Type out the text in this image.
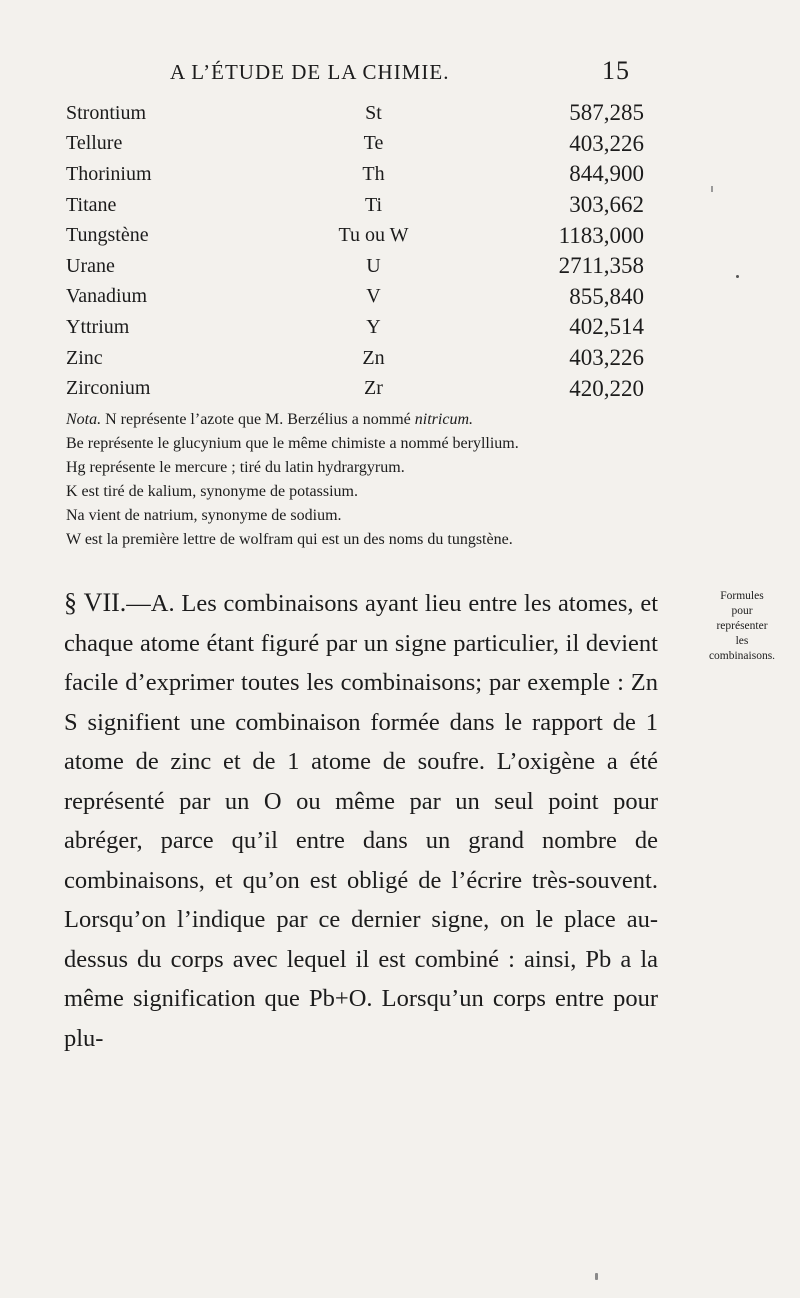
A L’ÉTUDE DE LA CHIMIE.	15
Strontium	St	587,285
Tellure	Te	403,226
Thorinium	Th	844,900
Titane	Ti	303,662
Tungstène	Tu ou W	1183,000
Urane	U	2711,358
Vanadium	V	855,840
Yttrium	Y	402,514
Zinc	Zn	403,226
Zirconium	Zr	420,220

Nota. N représente l’azote que M. Berzélius a nommé nitricum.

Be représente le glucynium que le même chimiste a nommé beryllium.

Hg représente le mercure ; tiré du latin hydrargyrum.

K est tiré de kalium, synonyme de potassium.

Na vient de natrium, synonyme de sodium.

W est la première lettre de wolfram qui est un des noms du tungstène.

§ VII.—A. Les combinaisons ayant lieu entre les atomes, et chaque atome étant figuré par un signe particulier, il devient facile d’exprimer toutes les combinaisons; par exemple : Zn S signifient une combinaison formée dans le rapport de 1 atome de zinc et de 1 atome de soufre. L’oxigène a été représenté par un O ou même par un seul point pour abréger, parce qu’il entre dans un grand nombre de combinaisons, et qu’on est obligé de l’écrire très-souvent. Lorsqu’on l’indique par ce dernier signe, on le place au-dessus du corps avec lequel il est combiné : ainsi, Pb a la même signification que Pb+O. Lorsqu’un corps entre pour plu-
Formules
pour
représenter
les
combinaisons.
